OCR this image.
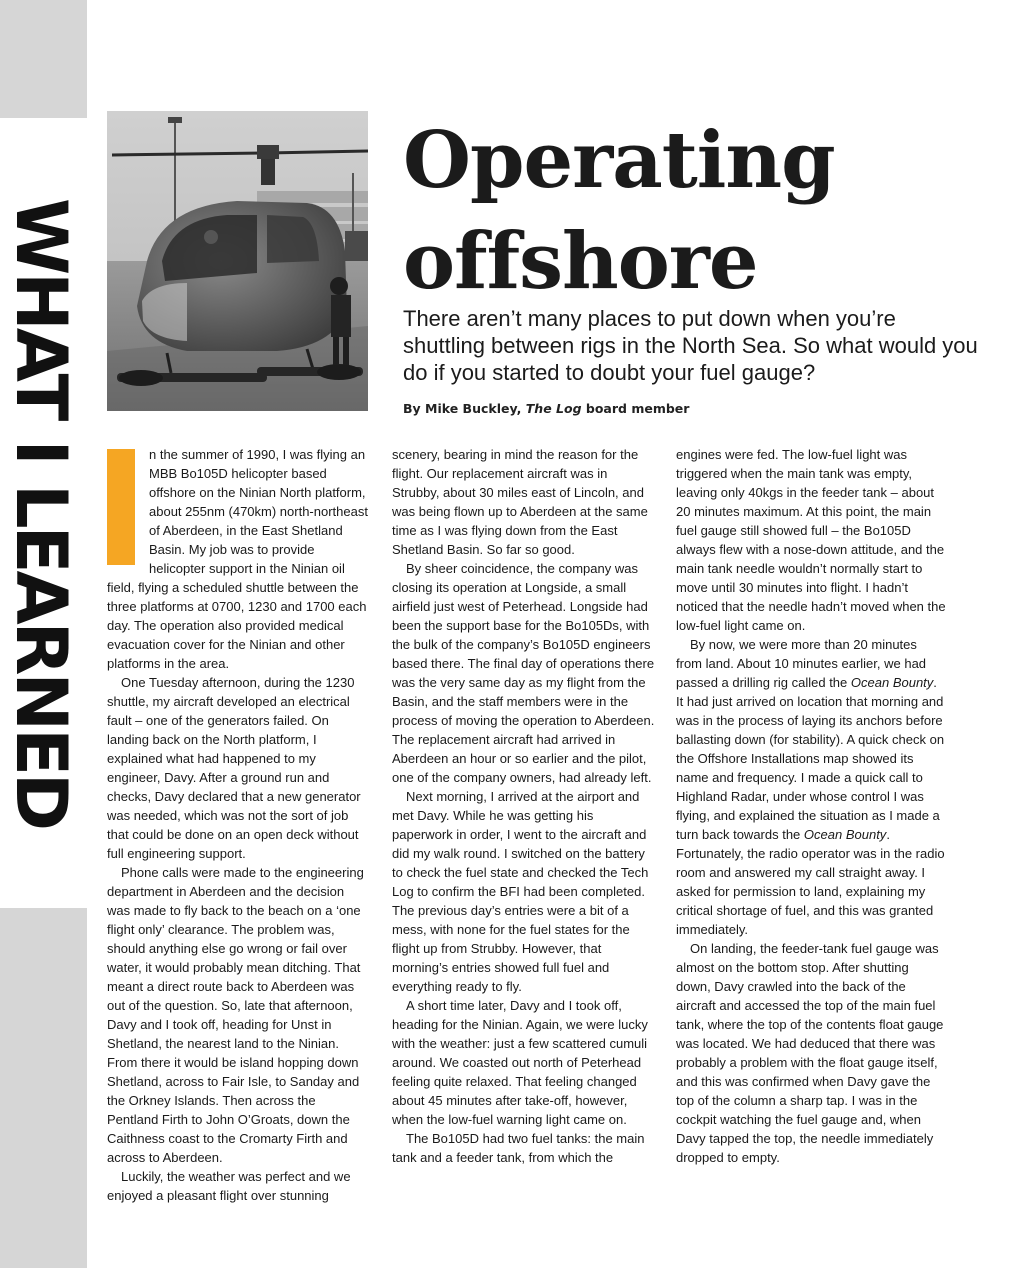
WHAT I LEARNED
Operating
offshore

There aren’t many places to put down when you’re shuttling between rigs in the North Sea. So what would you do if you started to doubt your fuel gauge?

By Mike Buckley, The Log board member

n the summer of 1990, I was flying an MBB Bo105D helicopter based offshore on the Ninian North platform, about 255nm (470km) north-northeast of Aberdeen, in the East Shetland Basin. My job was to provide helicopter support in the Ninian oil field, flying a scheduled shuttle between the three platforms at 0700, 1230 and 1700 each day. The operation also provided medical evacuation cover for the Ninian and other platforms in the area.

One Tuesday afternoon, during the 1230 shuttle, my aircraft developed an electrical fault – one of the generators failed. On landing back on the North platform, I explained what had happened to my engineer, Davy. After a ground run and checks, Davy declared that a new generator was needed, which was not the sort of job that could be done on an open deck without full engineering support.

Phone calls were made to the engineering department in Aberdeen and the decision was made to fly back to the beach on a ‘one flight only’ clearance. The problem was, should anything else go wrong or fail over water, it would probably mean ditching. That meant a direct route back to Aberdeen was out of the question. So, late that afternoon, Davy and I took off, heading for Unst in Shetland, the nearest land to the Ninian. From there it would be island hopping down Shetland, across to Fair Isle, to Sanday and the Orkney Islands. Then across the Pentland Firth to John O’Groats, down the Caithness coast to the Cromarty Firth and across to Aberdeen.

Luckily, the weather was perfect and we enjoyed a pleasant flight over stunning

scenery, bearing in mind the reason for the flight. Our replacement aircraft was in Strubby, about 30 miles east of Lincoln, and was being flown up to Aberdeen at the same time as I was flying down from the East Shetland Basin. So far so good.

By sheer coincidence, the company was closing its operation at Longside, a small airfield just west of Peterhead. Longside had been the support base for the Bo105Ds, with the bulk of the company’s Bo105D engineers based there. The final day of operations there was the very same day as my flight from the Basin, and the staff members were in the process of moving the operation to Aberdeen. The replacement aircraft had arrived in Aberdeen an hour or so earlier and the pilot, one of the company owners, had already left.

Next morning, I arrived at the airport and met Davy. While he was getting his paperwork in order, I went to the aircraft and did my walk round. I switched on the battery to check the fuel state and checked the Tech Log to confirm the BFI had been completed. The previous day’s entries were a bit of a mess, with none for the fuel states for the flight up from Strubby. However, that morning’s entries showed full fuel and everything ready to fly.

A short time later, Davy and I took off, heading for the Ninian. Again, we were lucky with the weather: just a few scattered cumuli around. We coasted out north of Peterhead feeling quite relaxed. That feeling changed about 45 minutes after take-off, however, when the low-fuel warning light came on.

The Bo105D had two fuel tanks: the main tank and a feeder tank, from which the

engines were fed. The low-fuel light was triggered when the main tank was empty, leaving only 40kgs in the feeder tank – about 20 minutes maximum. At this point, the main fuel gauge still showed full – the Bo105D always flew with a nose-down attitude, and the main tank needle wouldn’t normally start to move until 30 minutes into flight. I hadn’t noticed that the needle hadn’t moved when the low-fuel light came on.

By now, we were more than 20 minutes from land. About 10 minutes earlier, we had passed a drilling rig called the Ocean Bounty. It had just arrived on location that morning and was in the process of laying its anchors before ballasting down (for stability). A quick check on the Offshore Installations map showed its name and frequency. I made a quick call to Highland Radar, under whose control I was flying, and explained the situation as I made a turn back towards the Ocean Bounty. Fortunately, the radio operator was in the radio room and answered my call straight away. I asked for permission to land, explaining my critical shortage of fuel, and this was granted immediately.

On landing, the feeder-tank fuel gauge was almost on the bottom stop. After shutting down, Davy crawled into the back of the aircraft and accessed the top of the main fuel tank, where the top of the contents float gauge was located. We had deduced that there was probably a problem with the float gauge itself, and this was confirmed when Davy gave the top of the column a sharp tap. I was in the cockpit watching the fuel gauge and, when Davy tapped the top, the needle immediately dropped to empty.
